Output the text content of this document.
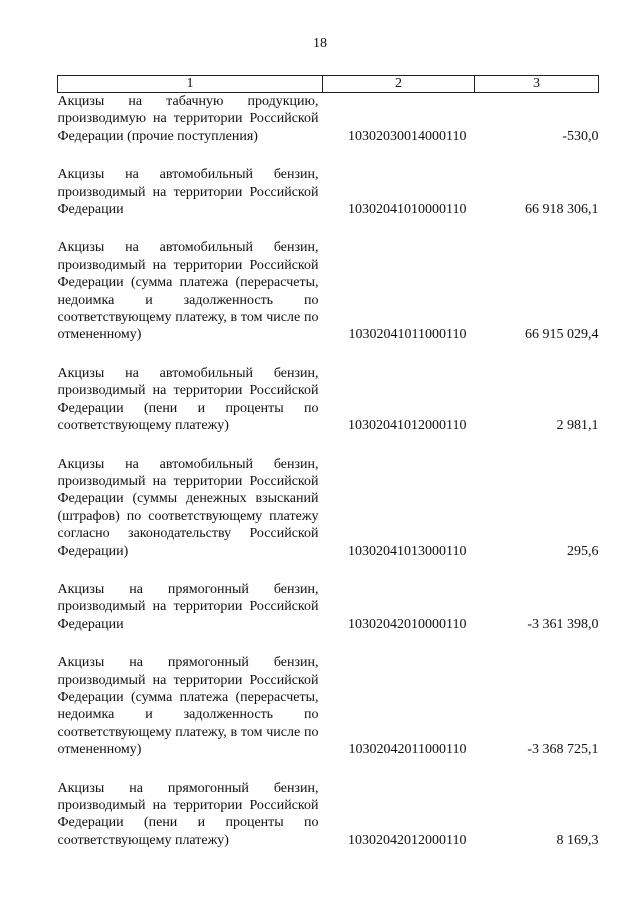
18
1	2	3
Акцизы на табачную продукцию, производимую на территории Российской Федерации (прочие поступления)	10302030014000110	-530,0
Акцизы на автомобильный бензин, производимый на территории Российской Федерации	10302041010000110	66 918 306,1
Акцизы на автомобильный бензин, производимый на территории Российской Федерации (сумма платежа (перерасчеты, недоимка и задолженность по соответствующему платежу, в том числе по отмененному)	10302041011000110	66 915 029,4
Акцизы на автомобильный бензин, производимый на территории Российской Федерации (пени и проценты по соответствующему платежу)	10302041012000110	2 981,1
Акцизы на автомобильный бензин, производимый на территории Российской Федерации (суммы денежных взысканий (штрафов) по соответствующему платежу согласно законодательству Российской Федерации)	10302041013000110	295,6
Акцизы на прямогонный бензин, производимый на территории Российской Федерации	10302042010000110	-3 361 398,0
Акцизы на прямогонный бензин, производимый на территории Российской Федерации (сумма платежа (перерасчеты, недоимка и задолженность по соответствующему платежу, в том числе по отмененному)	10302042011000110	-3 368 725,1
Акцизы на прямогонный бензин, производимый на территории Российской Федерации (пени и проценты по соответствующему платежу)	10302042012000110	8 169,3
